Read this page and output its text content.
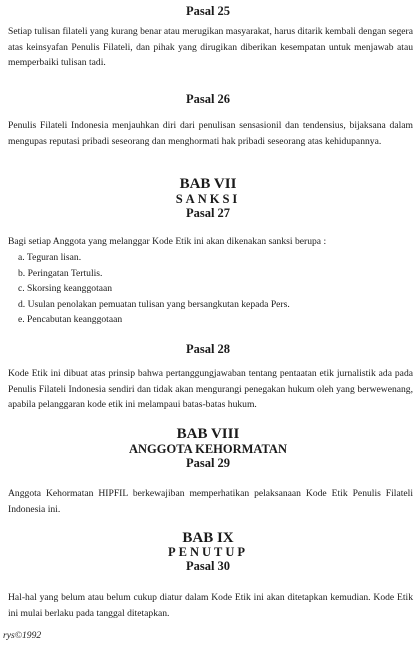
Pasal 25

Setiap tulisan filateli yang kurang benar atau merugikan masyarakat, harus ditarik kembali dengan segera atas keinsyafan Penulis Filateli, dan pihak yang dirugikan diberikan kesempatan untuk menjawab atau memperbaiki tulisan tadi.

Pasal 26

Penulis Filateli Indonesia menjauhkan diri dari penulisan sensasionil dan tendensius, bijaksana dalam mengupas reputasi pribadi seseorang dan menghormati hak pribadi seseorang atas kehidupannya.

BAB VII
SANKSI
Pasal 27

Bagi setiap Anggota yang melanggar Kode Etik ini akan dikenakan sanksi berupa :

a. Teguran lisan.
b. Peringatan Tertulis.
c. Skorsing keanggotaan
d. Usulan penolakan pemuatan tulisan yang bersangkutan kepada Pers.
e. Pencabutan keanggotaan
Pasal 28

Kode Etik ini dibuat atas prinsip bahwa pertanggungjawaban tentang pentaatan etik jurnalistik ada pada Penulis Filateli Indonesia sendiri dan tidak akan mengurangi penegakan hukum oleh yang berwewenang, apabila pelanggaran kode etik ini melampaui batas-batas hukum.

BAB VIII
ANGGOTA KEHORMATAN
Pasal 29

Anggota Kehormatan HIPFIL berkewajiban memperhatikan pelaksanaan Kode Etik Penulis Filateli Indonesia ini.

BAB IX
PENUTUP
Pasal 30

Hal-hal yang belum atau belum cukup diatur dalam Kode Etik ini akan ditetapkan kemudian. Kode Etik ini mulai berlaku pada tanggal ditetapkan.

rys©1992
